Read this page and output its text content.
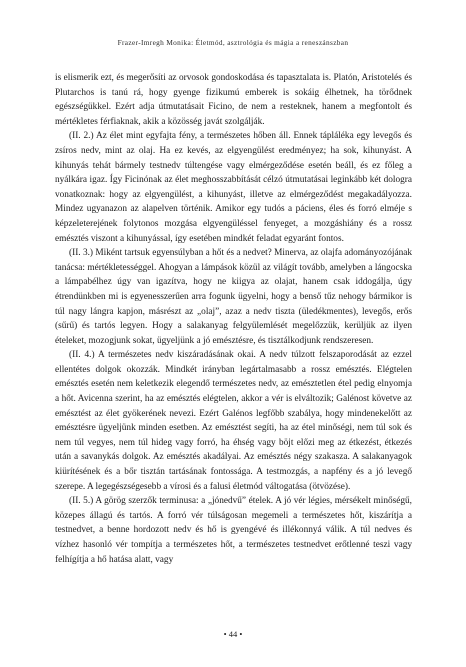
Frazer-Imregh Monika: Életmód, asztrológia és mágia a reneszánszban

is elismerik ezt, és megerősíti az orvosok gondoskodása és tapasztalata is. Platón, Aristotelés és Plutarchos is tanú rá, hogy gyenge fizikumú emberek is sokáig élhetnek, ha törődnek egészségükkel. Ezért adja útmutatásait Ficino, de nem a resteknek, hanem a megfontolt és mértékletes férfiaknak, akik a közösség javát szolgálják.

(II. 2.) Az élet mint egyfajta fény, a természetes hőben áll. Ennek tápláléka egy levegős és zsíros nedv, mint az olaj. Ha ez kevés, az elgyengülést eredményez; ha sok, kihunyást. A kihunyás tehát bármely testnedv túltengése vagy elmérgeződése esetén beáll, és ez főleg a nyálkára igaz. Így Ficinónak az élet meghosszabbítását célzó útmutatásai leginkább két dologra vonatkoznak: hogy az elgyengülést, a kihunyást, illetve az elmérgeződést megakadályozza. Mindez ugyanazon az alapelven történik. Amikor egy tudós a páciens, éles és forró elméje s képzeleterejének folytonos mozgása elgyengüléssel fenyeget, a mozgáshiány és a rossz emésztés viszont a kihunyással, így esetében mindkét feladat egyaránt fontos.

(II. 3.) Miként tartsuk egyensúlyban a hőt és a nedvet? Minerva, az olajfa adományozójának tanácsa: mértékletességgel. Ahogyan a lámpások közül az világít tovább, amelyben a lángocska a lámpabélhez úgy van igazítva, hogy ne kiigya az olajat, hanem csak iddogálja, úgy étrendünkben mi is egyenesszerűen arra fogunk ügyelni, hogy a benső tűz nehogy bármikor is túl nagy lángra kapjon, másrészt az „olaj”, azaz a nedv tiszta (üledékmentes), levegős, erős (sűrű) és tartós legyen. Hogy a salakanyag felgyülemlését megelőzzük, kerüljük az ilyen ételeket, mozogjunk sokat, ügyeljünk a jó emésztésre, és tisztálkodjunk rendszeresen.

(II. 4.) A természetes nedv kiszáradásának okai. A nedv túlzott felszaporodását az ezzel ellentétes dolgok okozzák. Mindkét irányban legártalmasabb a rossz emésztés. Elégtelen emésztés esetén nem keletkezik elegendő természetes nedv, az emésztetlen étel pedig elnyomja a hőt. Avicenna szerint, ha az emésztés elégtelen, akkor a vér is elváltozik; Galénost követve az emésztést az élet gyökerének nevezi. Ezért Galénos legfőbb szabálya, hogy mindenekelőtt az emésztésre ügyeljünk minden esetben. Az emésztést segíti, ha az étel minőségi, nem túl sok és nem túl vegyes, nem túl hideg vagy forró, ha éhség vagy böjt előzi meg az étkezést, étkezés után a savanykás dolgok. Az emésztés akadályai. Az emésztés négy szakasza. A salakanyagok kiürítésének és a bőr tisztán tartásának fontossága. A testmozgás, a napfény és a jó levegő szerepe. A legegészségesebb a vírosi és a falusi életmód váltogatása (ötvözése).

(II. 5.) A görög szerzők terminusa: a „jónedvű” ételek. A jó vér légies, mérsékelt minőségű, közepes állagú és tartós. A forró vér túlságosan megemeli a természetes hőt, kiszárítja a testnedvet, a benne hordozott nedv és hő is gyengévé és illékonnyá válik. A túl nedves és vízhez hasonló vér tompítja a természetes hőt, a természetes testnedvet erőtlenné teszi vagy felhígítja a hő hatása alatt, vagy

• 44 •
